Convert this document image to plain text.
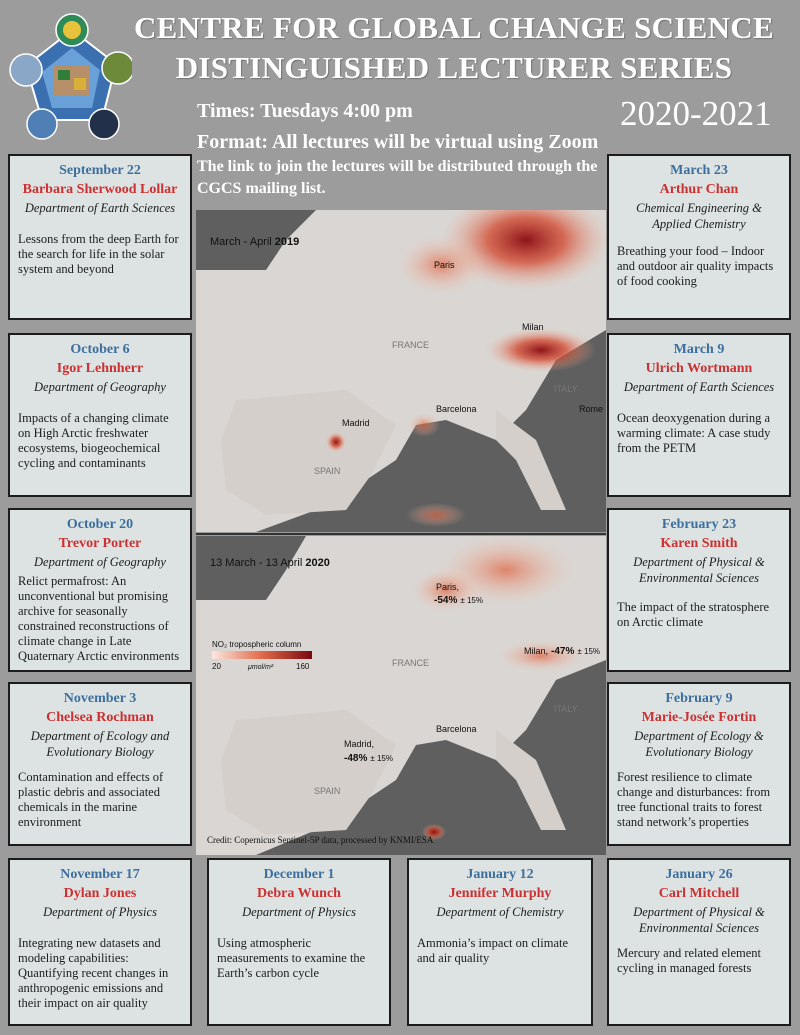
CENTRE FOR GLOBAL CHANGE SCIENCE
DISTINGUISHED LECTURER SERIES
Times: Tuesdays 4:00 pm	2020-2021
Format: All lectures will be virtual using Zoom
The link to join the lectures will be distributed through the CGCS mailing list.
March - April 2019
Paris
Milan
FRANCE
ITALY
Madrid
Barcelona	Rome
SPAIN
13 March - 13 April 2020
Paris,
-54% ± 15%
Milan, -47% ± 15%
FRANCE
ITALY
Madrid,
-48% ± 15%
Barcelona
SPAIN
NO₂ tropospheric column
20	μmol/m²	160
Credit: Copernicus Sentinel-5P data, processed by KNMI/ESA
September 22
Barbara Sherwood Lollar
Department of Earth Sciences
Lessons from the deep Earth for the search for life in the solar system and beyond
October 6
Igor Lehnherr
Department of Geography
Impacts of a changing climate on High Arctic freshwater ecosystems, biogeochemical cycling and contaminants
October 20
Trevor Porter
Department of Geography
Relict permafrost: An unconventional but promising archive for seasonally constrained reconstructions of climate change in Late Quaternary Arctic environments
November 3
Chelsea Rochman
Department of Ecology and Evolutionary Biology
Contamination and effects of plastic debris and associated chemicals in the marine environment
November 17
Dylan Jones
Department of Physics
Integrating new datasets and modeling capabilities: Quantifying recent changes in anthropogenic emissions and their impact on air quality
December 1
Debra Wunch
Department of Physics
Using atmospheric measurements to examine the Earth’s carbon cycle
January 12
Jennifer Murphy
Department of Chemistry
Ammonia’s impact on climate and air quality
January 26
Carl Mitchell
Department of Physical & Environmental Sciences
Mercury and related element cycling in managed forests
February 9
Marie-Josée Fortin
Department of Ecology & Evolutionary Biology
Forest resilience to climate change and disturbances: from tree functional traits to forest stand network’s properties
February 23
Karen Smith
Department of Physical & Environmental Sciences
The impact of the stratosphere on Arctic climate
March 9
Ulrich Wortmann
Department of Earth Sciences
Ocean deoxygenation during a warming climate: A case study from the PETM
March 23
Arthur Chan
Chemical Engineering & Applied Chemistry
Breathing your food – Indoor and outdoor air quality impacts of food cooking
